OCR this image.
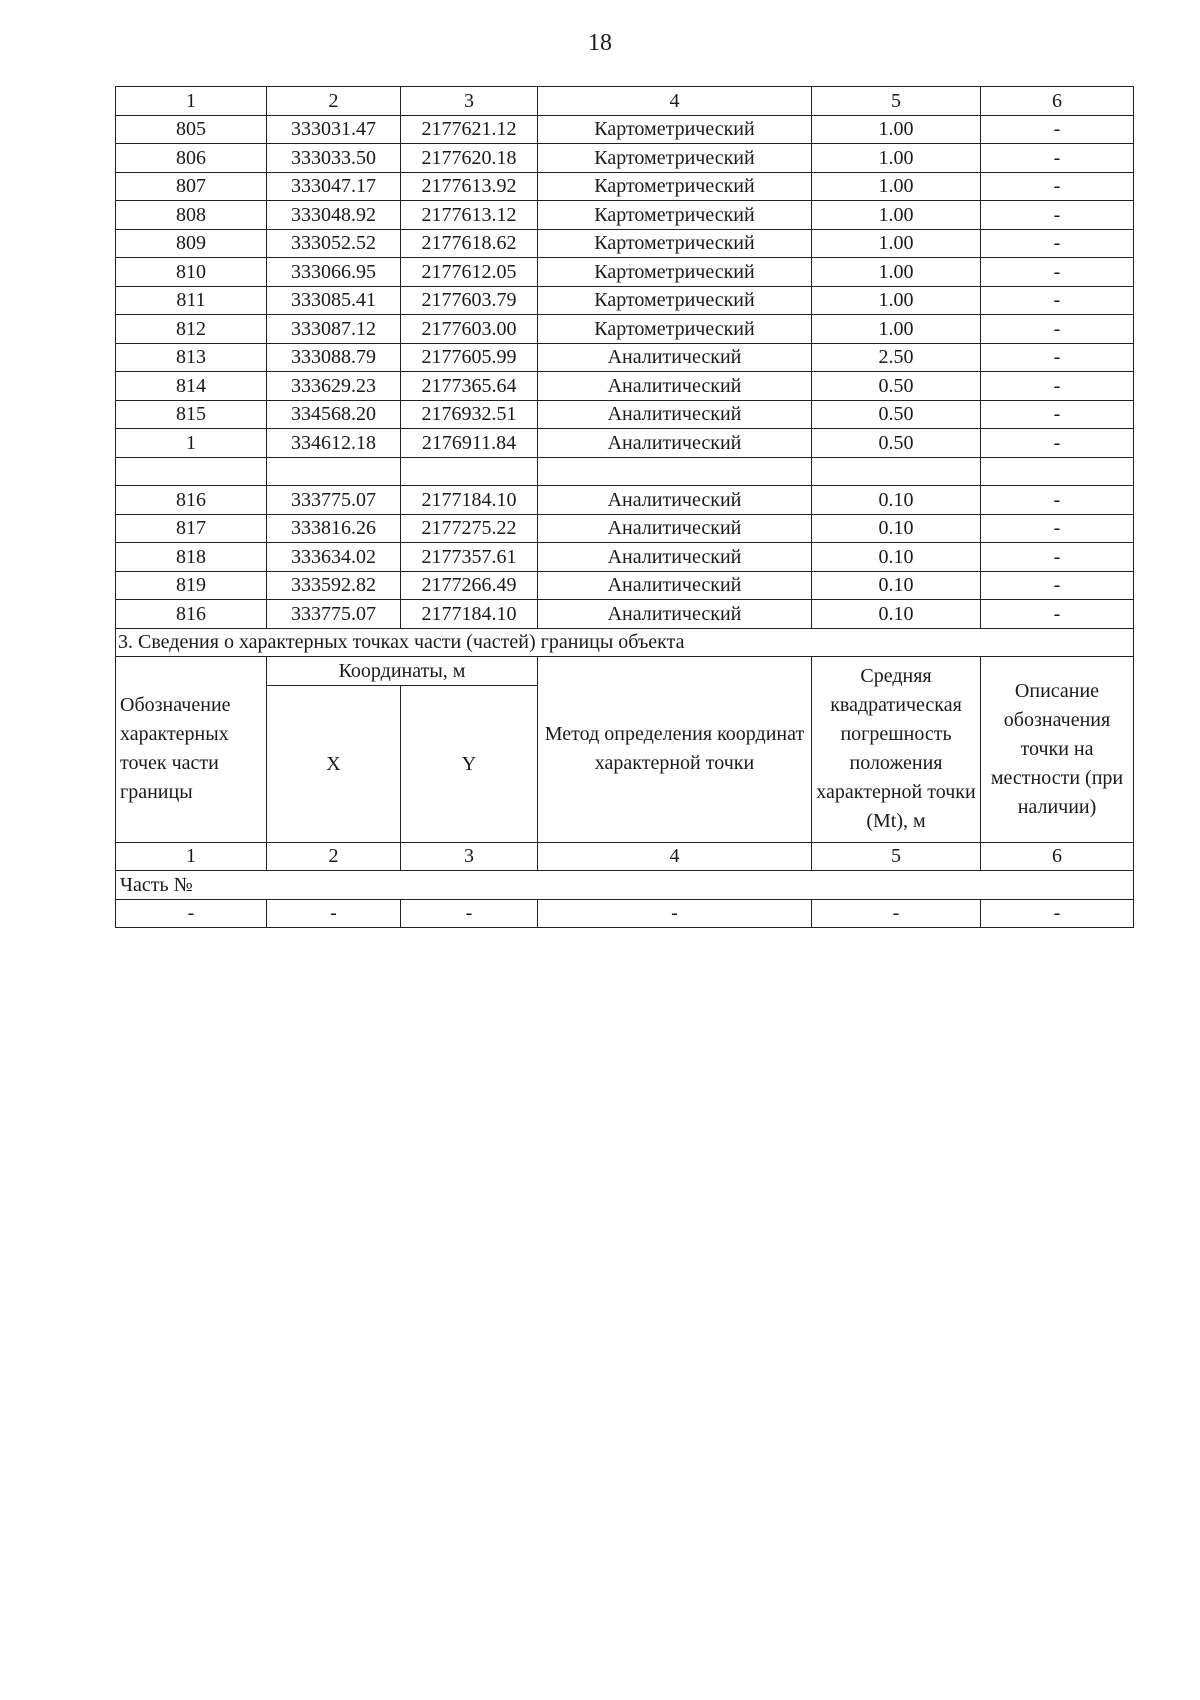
18
1	2	3	4	5	6
805	333031.47	2177621.12	Картометрический	1.00	-
806	333033.50	2177620.18	Картометрический	1.00	-
807	333047.17	2177613.92	Картометрический	1.00	-
808	333048.92	2177613.12	Картометрический	1.00	-
809	333052.52	2177618.62	Картометрический	1.00	-
810	333066.95	2177612.05	Картометрический	1.00	-
811	333085.41	2177603.79	Картометрический	1.00	-
812	333087.12	2177603.00	Картометрический	1.00	-
813	333088.79	2177605.99	Аналитический	2.50	-
814	333629.23	2177365.64	Аналитический	0.50	-
815	334568.20	2176932.51	Аналитический	0.50	-
1	334612.18	2176911.84	Аналитический	0.50	-

816	333775.07	2177184.10	Аналитический	0.10	-
817	333816.26	2177275.22	Аналитический	0.10	-
818	333634.02	2177357.61	Аналитический	0.10	-
819	333592.82	2177266.49	Аналитический	0.10	-
816	333775.07	2177184.10	Аналитический	0.10	-
3. Сведения о характерных точках части (частей) границы объекта					
Обозначение характерных точек части границы	Координаты, м		Метод определения координат характерной точки	Средняя квадратическая погрешность положения характерной точки (Mt), м	Описание обозначения точки на местности (при наличии)
	X	Y			
1	2	3	4	5	6
Часть №					
-	-	-	-	-	-
